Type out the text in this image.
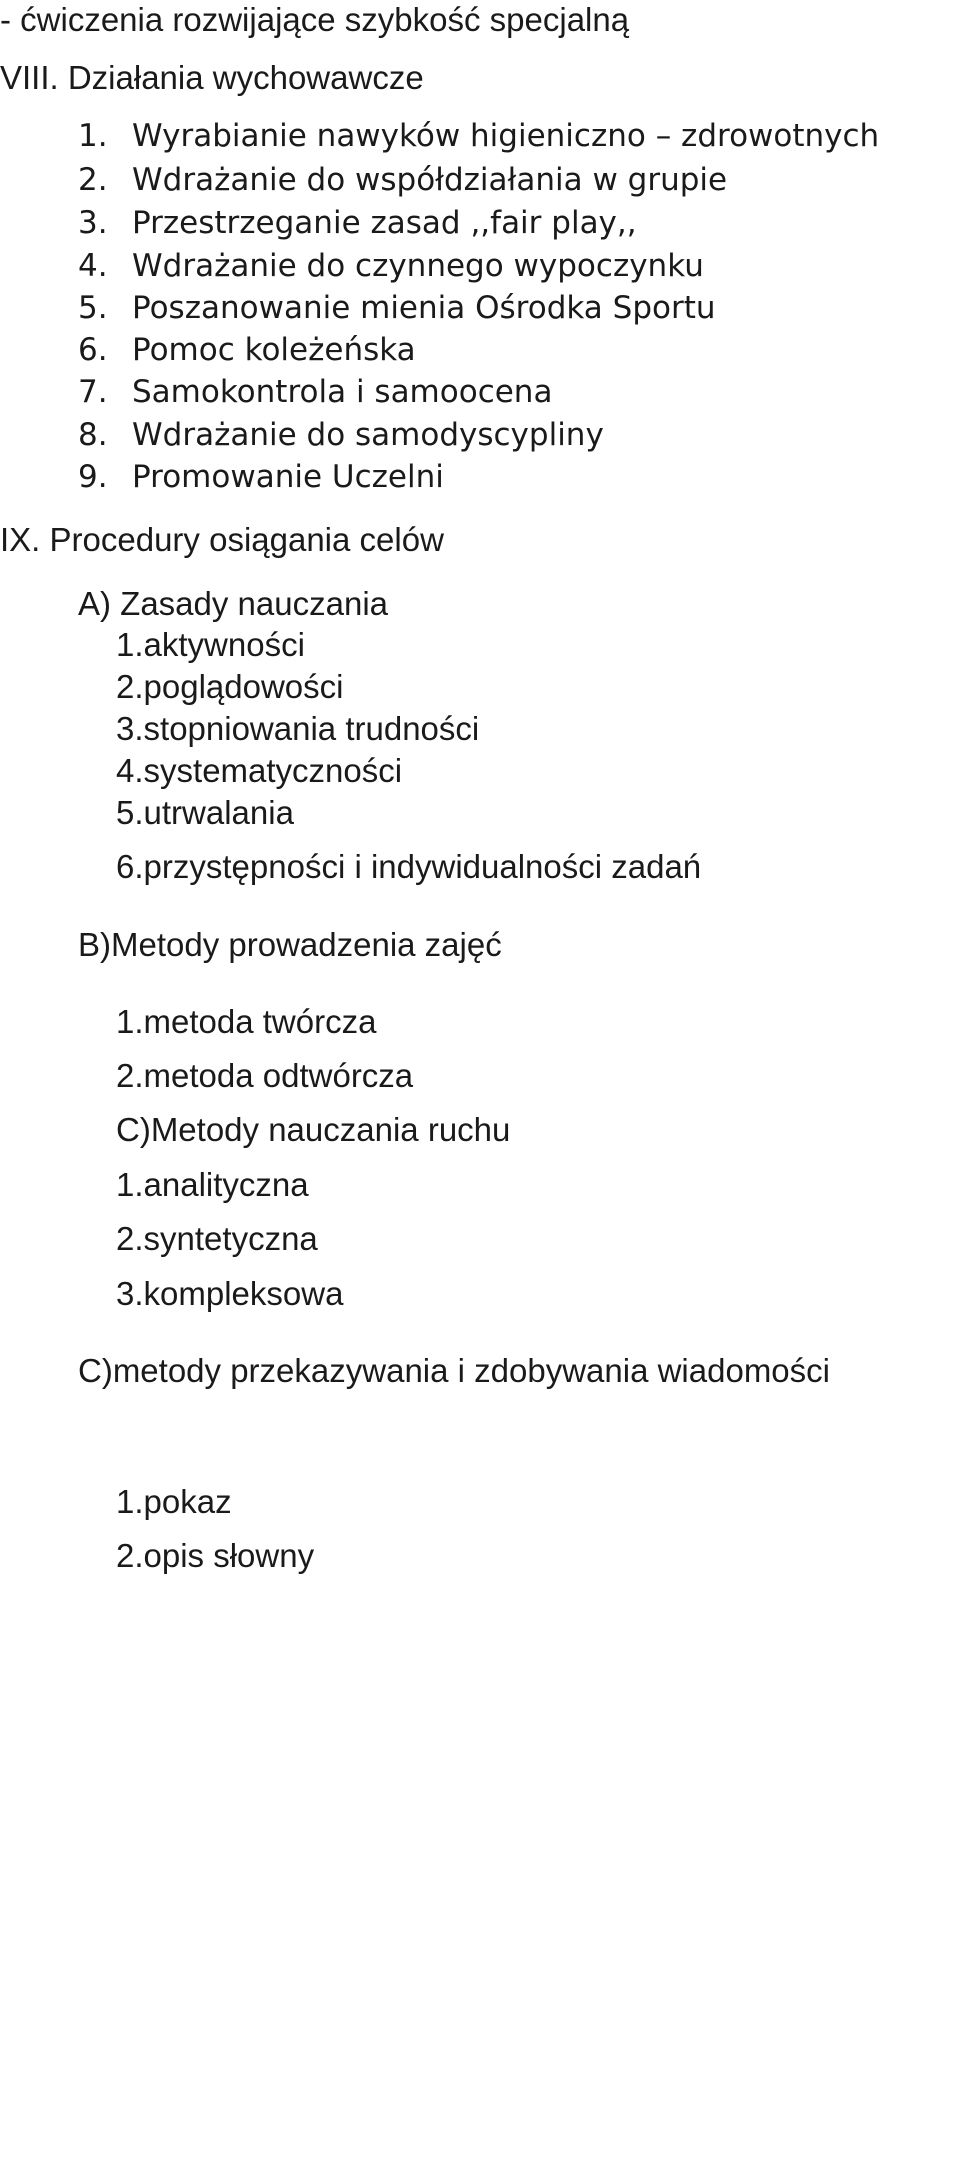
- ćwiczenia rozwijające szybkość specjalną
VIII. Działania wychowawcze
1. Wyrabianie nawyków higieniczno – zdrowotnych
2. Wdrażanie do współdziałania w grupie
3. Przestrzeganie zasad ,,fair play,,
4. Wdrażanie do czynnego wypoczynku
5. Poszanowanie mienia Ośrodka Sportu
6. Pomoc koleżeńska
7. Samokontrola i samoocena
8. Wdrażanie do samodyscypliny
9. Promowanie Uczelni
IX. Procedury osiągania celów
A) Zasady nauczania
1.aktywności
2.poglądowości
3.stopniowania trudności
4.systematyczności
5.utrwalania
6.przystępności i indywidualności zadań
B)Metody prowadzenia zajęć
1.metoda twórcza
2.metoda odtwórcza
C)Metody nauczania ruchu
1.analityczna
2.syntetyczna
3.kompleksowa
C)metody przekazywania i zdobywania wiadomości
1.pokaz
2.opis słowny
